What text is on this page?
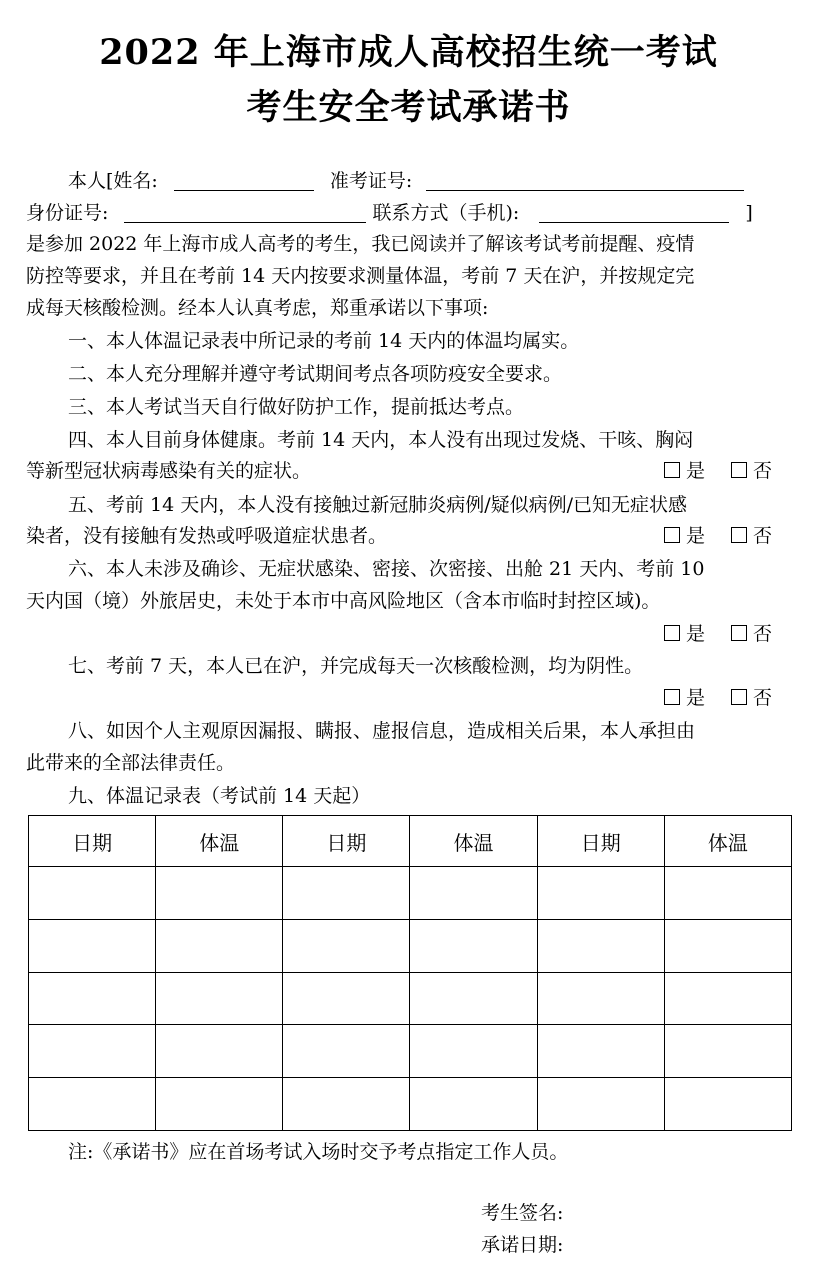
2022 年上海市成人高校招生统一考试
考生安全考试承诺书
本人[姓名:	准考证号:
身份证号:	联系方式（手机):	]
是参加 2022 年上海市成人高考的考生，我已阅读并了解该考试考前提醒、疫情
防控等要求，并且在考前 14 天内按要求测量体温，考前 7 天在沪，并按规定完
成每天核酸检测。经本人认真考虑，郑重承诺以下事项:
一、本人体温记录表中所记录的考前 14 天内的体温均属实。
二、本人充分理解并遵守考试期间考点各项防疫安全要求。
三、本人考试当天自行做好防护工作，提前抵达考点。
四、本人目前身体健康。考前 14 天内，本人没有出现过发烧、干咳、胸闷
等新型冠状病毒感染有关的症状。	是	否
五、考前 14 天内，本人没有接触过新冠肺炎病例/疑似病例/已知无症状感
染者，没有接触有发热或呼吸道症状患者。	是	否
六、本人未涉及确诊、无症状感染、密接、次密接、出舱 21 天内、考前 10
天内国（境）外旅居史，未处于本市中高风险地区（含本市临时封控区域)。
是	否
七、考前 7 天，本人已在沪，并完成每天一次核酸检测，均为阴性。
是	否
八、如因个人主观原因漏报、瞒报、虚报信息，造成相关后果，本人承担由
此带来的全部法律责任。
九、体温记录表（考试前 14 天起）
日期	体温	日期	体温	日期	体温

注:《承诺书》应在首场考试入场时交予考点指定工作人员。
考生签名:
承诺日期:
